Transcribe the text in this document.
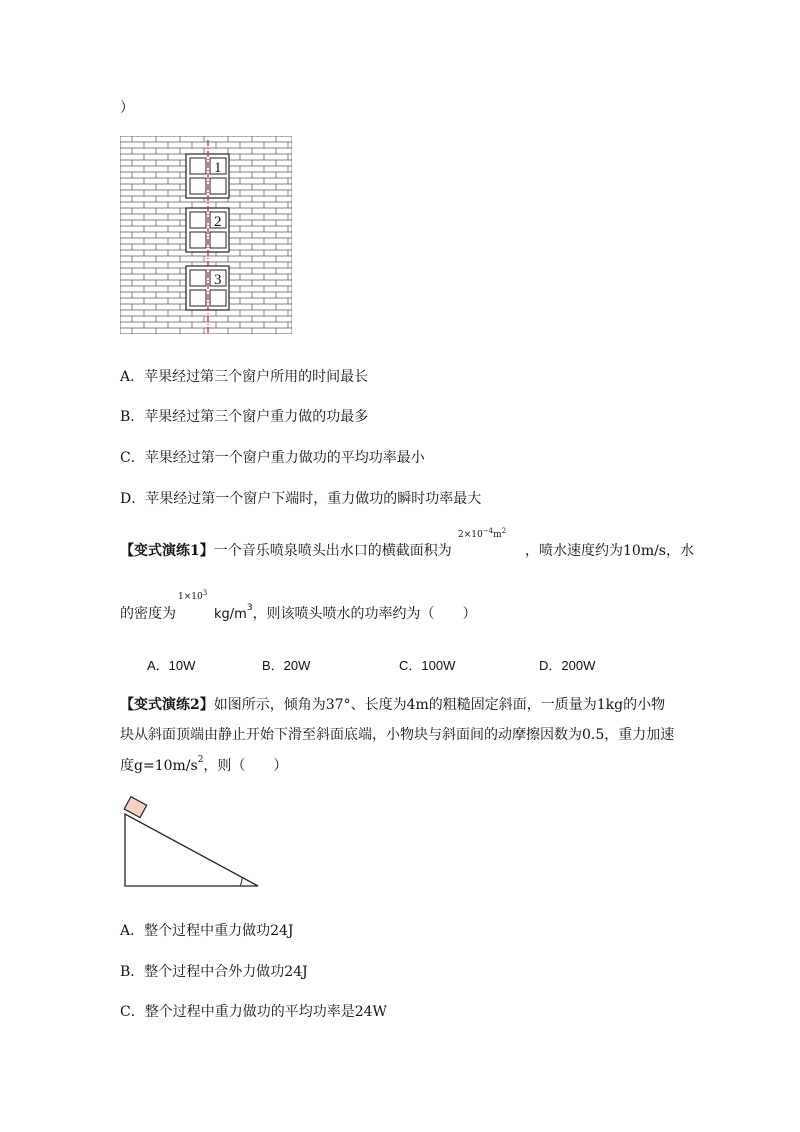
）
1
2
3
A．苹果经过第三个窗户所用的时间最长
B．苹果经过第三个窗户重力做的功最多
C．苹果经过第一个窗户重力做功的平均功率最小
D．苹果经过第一个窗户下端时，重力做功的瞬时功率最大
【变式演练1】一个音乐喷泉喷头出水口的横截面积为
$2\times 10^{-4}m^2$
，喷水速度约为10m/s，水
的密度为
$1\times 10^3$
$kg/m^3$，则该喷头喷水的功率约为（　　）
A．10W	B．20W	C．100W	D．200W
【变式演练2】如图所示，倾角为37°、长度为4m的粗糙固定斜面，一质量为1kg的小物
块从斜面顶端由静止开始下滑至斜面底端，小物块与斜面间的动摩擦因数为0.5，重力加速
度$g=10m/s^2$，则（　　）
A．整个过程中重力做功24J
B．整个过程中合外力做功24J
C．整个过程中重力做功的平均功率是24W
